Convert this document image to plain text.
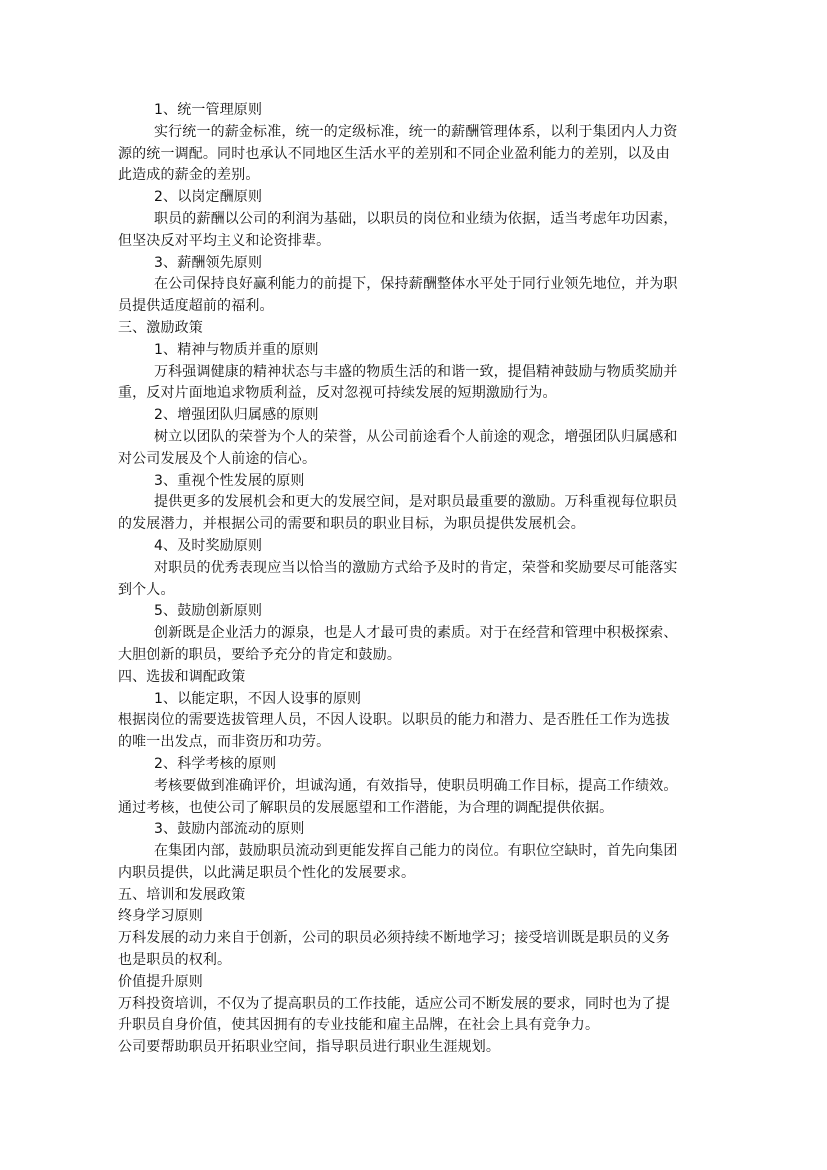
1、统一管理原则
实行统一的薪金标准，统一的定级标准，统一的薪酬管理体系，以利于集团内人力资
源的统一调配。同时也承认不同地区生活水平的差别和不同企业盈利能力的差别，以及由
此造成的薪金的差别。
2、以岗定酬原则
职员的薪酬以公司的利润为基础，以职员的岗位和业绩为依据，适当考虑年功因素，
但坚决反对平均主义和论资排辈。
3、薪酬领先原则
在公司保持良好赢利能力的前提下，保持薪酬整体水平处于同行业领先地位，并为职
员提供适度超前的福利。
三、激励政策
1、精神与物质并重的原则
万科强调健康的精神状态与丰盛的物质生活的和谐一致，提倡精神鼓励与物质奖励并
重，反对片面地追求物质利益，反对忽视可持续发展的短期激励行为。
2、增强团队归属感的原则
树立以团队的荣誉为个人的荣誉，从公司前途看个人前途的观念，增强团队归属感和
对公司发展及个人前途的信心。
3、重视个性发展的原则
提供更多的发展机会和更大的发展空间，是对职员最重要的激励。万科重视每位职员
的发展潜力，并根据公司的需要和职员的职业目标，为职员提供发展机会。
4、及时奖励原则
对职员的优秀表现应当以恰当的激励方式给予及时的肯定，荣誉和奖励要尽可能落实
到个人。
5、鼓励创新原则
创新既是企业活力的源泉，也是人才最可贵的素质。对于在经营和管理中积极探索、
大胆创新的职员，要给予充分的肯定和鼓励。
四、选拔和调配政策
1、以能定职，不因人设事的原则
根据岗位的需要选拔管理人员，不因人设职。以职员的能力和潜力、是否胜任工作为选拔
的唯一出发点，而非资历和功劳。
2、科学考核的原则
考核要做到准确评价，坦诚沟通，有效指导，使职员明确工作目标，提高工作绩效。
通过考核，也使公司了解职员的发展愿望和工作潜能，为合理的调配提供依据。
3、鼓励内部流动的原则
在集团内部，鼓励职员流动到更能发挥自己能力的岗位。有职位空缺时，首先向集团
内职员提供，以此满足职员个性化的发展要求。
五、培训和发展政策
终身学习原则
万科发展的动力来自于创新，公司的职员必须持续不断地学习；接受培训既是职员的义务
也是职员的权利。
价值提升原则
万科投资培训，不仅为了提高职员的工作技能，适应公司不断发展的要求，同时也为了提
升职员自身价值，使其因拥有的专业技能和雇主品牌，在社会上具有竞争力。
公司要帮助职员开拓职业空间，指导职员进行职业生涯规划。
